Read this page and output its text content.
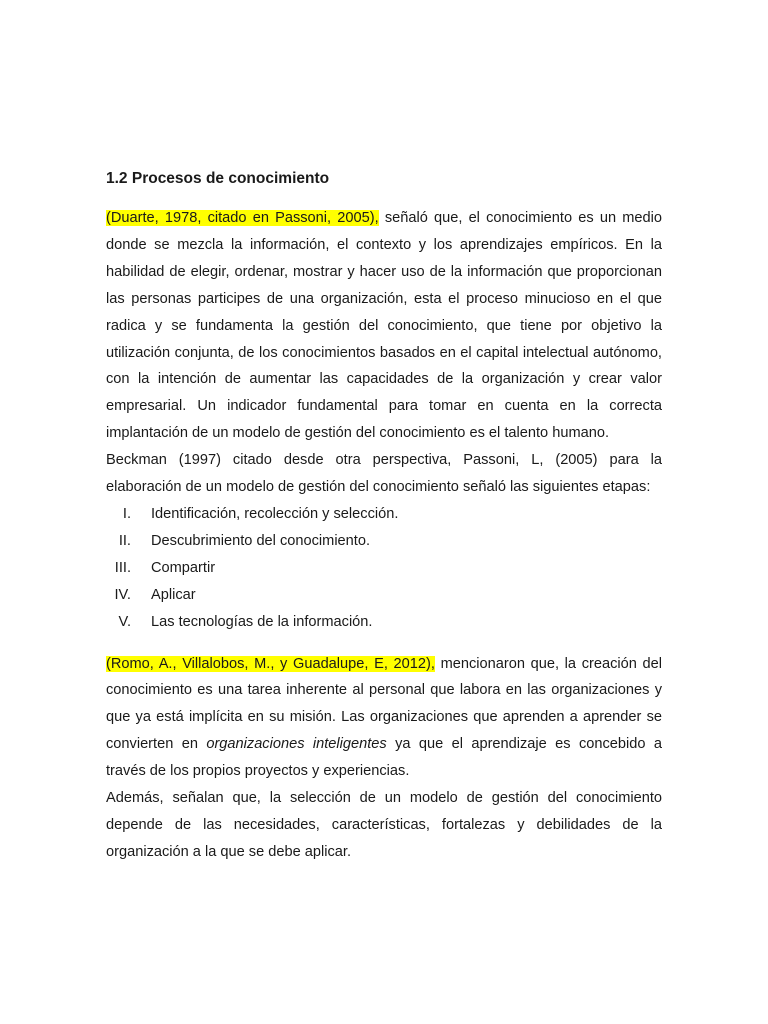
1.2 Procesos de conocimiento

(Duarte, 1978, citado en Passoni, 2005), señaló que, el conocimiento es un medio donde se mezcla la información, el contexto y los aprendizajes empíricos. En la habilidad de elegir, ordenar, mostrar y hacer uso de la información que proporcionan las personas participes de una organización, esta el proceso minucioso en el que radica y se fundamenta la gestión del conocimiento, que tiene por objetivo la utilización conjunta, de los conocimientos basados en el capital intelectual autónomo, con la intención de aumentar las capacidades de la organización y crear valor empresarial. Un indicador fundamental para tomar en cuenta en la correcta implantación de un modelo de gestión del conocimiento es el talento humano.

Beckman (1997) citado desde otra perspectiva, Passoni, L, (2005) para la elaboración de un modelo de gestión del conocimiento señaló las siguientes etapas:

I. Identificación, recolección y selección.
II. Descubrimiento del conocimiento.
III. Compartir
IV. Aplicar
V. Las tecnologías de la información.

(Romo, A., Villalobos, M., y Guadalupe, E, 2012), mencionaron que, la creación del conocimiento es una tarea inherente al personal que labora en las organizaciones y que ya está implícita en su misión. Las organizaciones que aprenden a aprender se convierten en organizaciones inteligentes ya que el aprendizaje es concebido a través de los propios proyectos y experiencias.

Además, señalan que, la selección de un modelo de gestión del conocimiento depende de las necesidades, características, fortalezas y debilidades de la organización a la que se debe aplicar.
